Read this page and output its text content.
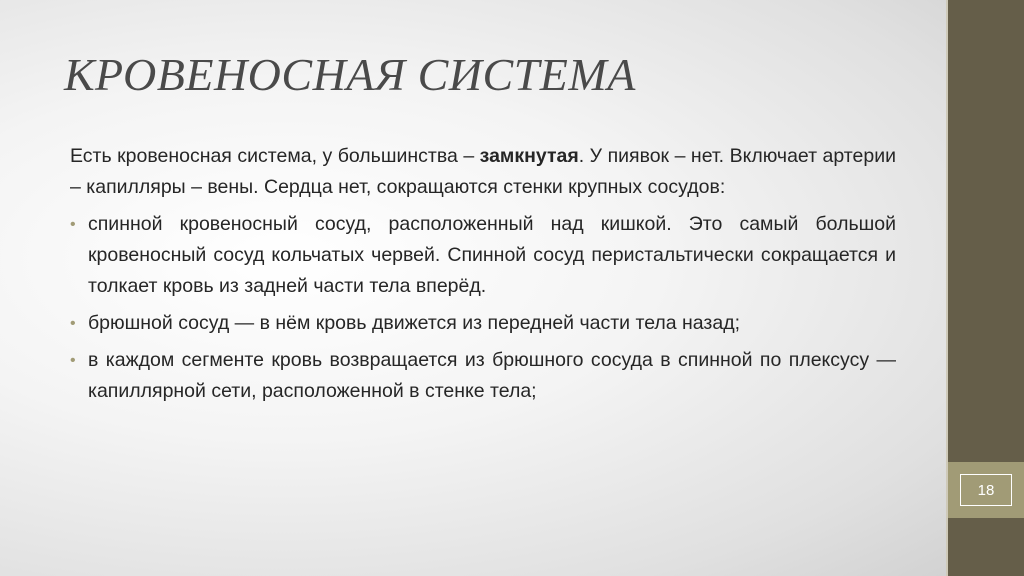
18
КРОВЕНОСНАЯ СИСТЕМА

Есть кровеносная система, у большинства – замкнутая. У пиявок – нет. Включает артерии – капилляры – вены. Сердца нет, сокращаются стенки крупных сосудов:

• спинной кровеносный сосуд, расположенный над кишкой. Это самый большой кровеносный сосуд кольчатых червей. Спинной сосуд перистальтически сокращается и толкает кровь из задней части тела вперёд.
• брюшной сосуд — в нём кровь движется из передней части тела назад;
• в каждом сегменте кровь возвращается из брюшного сосуда в спинной по плексусу — капиллярной сети, расположенной в стенке тела;
